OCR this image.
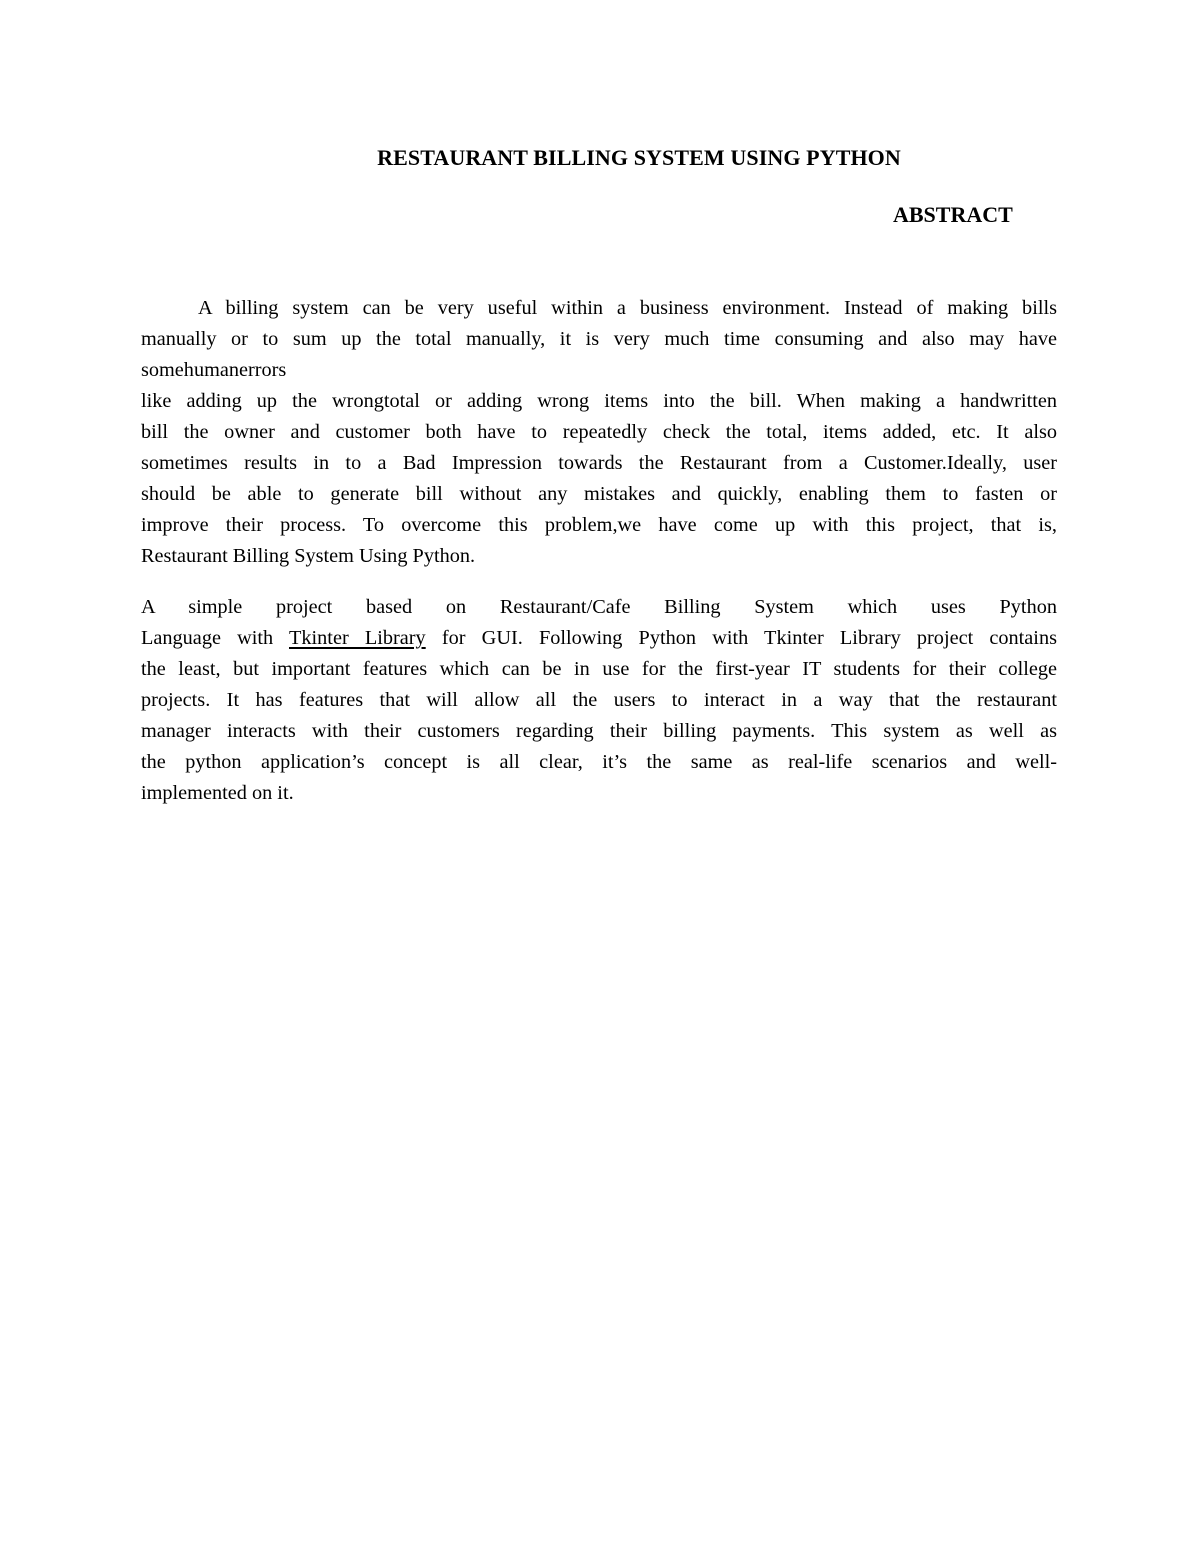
RESTAURANT BILLING SYSTEM USING PYTHON
ABSTRACT
A billing system can be very useful within a business environment. Instead of making bills
manually or to sum up the total manually, it is very much time consuming and also may have
somehumanerrors
like adding up the wrongtotal or adding wrong items into the bill. When making a handwritten
bill the owner and customer both have to repeatedly check the total, items added, etc. It also
sometimes results in to a Bad Impression towards the Restaurant from a Customer.Ideally, user
should be able to generate bill without any mistakes and quickly, enabling them to fasten or
improve their process. To overcome this problem,we have come up with this project, that is,
Restaurant Billing System Using Python.
A simple project based on Restaurant/Cafe Billing System which uses Python
Language with Tkinter Library for GUI. Following Python with Tkinter Library project contains
the least, but important features which can be in use for the first-year IT students for their college
projects. It has features that will allow all the users to interact in a way that the restaurant
manager interacts with their customers regarding their billing payments. This system as well as
the python application’s concept is all clear, it’s the same as real-life scenarios and well-
implemented on it.
